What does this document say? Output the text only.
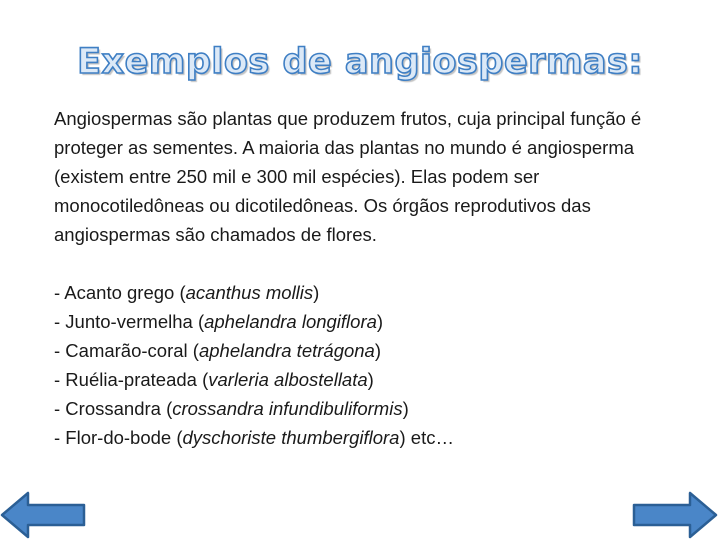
Exemplos de angiospermas:

Angiospermas são plantas que produzem frutos, cuja principal função é proteger as sementes. A maioria das plantas no mundo é angiosperma (existem entre 250 mil e 300 mil espécies). Elas podem ser monocotiledôneas ou dicotiledôneas. Os órgãos reprodutivos das angiospermas são chamados de flores.

- Acanto grego (acanthus mollis)
- Junto-vermelha (aphelandra longiflora)
- Camarão-coral (aphelandra tetrágona)
- Ruélia-prateada (varleria albostellata)
- Crossandra (crossandra infundibuliformis)
- Flor-do-bode (dyschoriste thumbergiflora) etc…
